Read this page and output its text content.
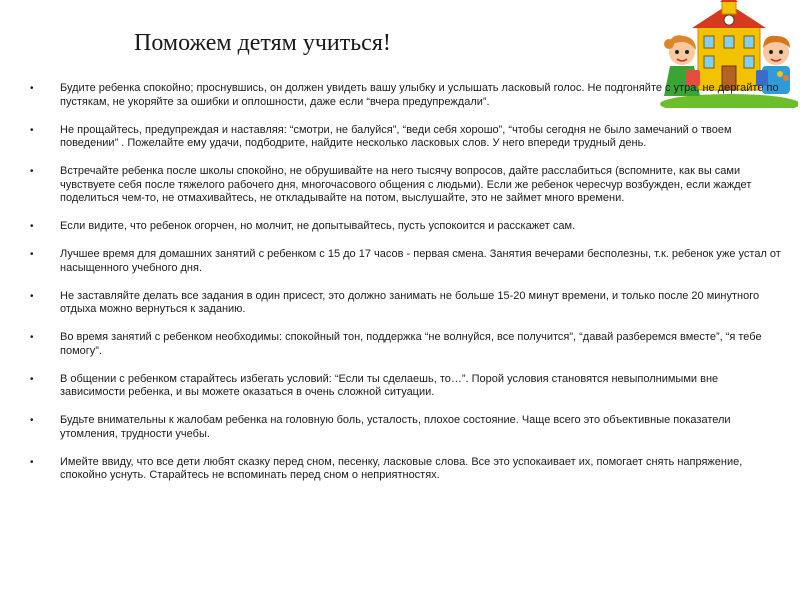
Поможем детям учиться!
• Будите ребенка спокойно; проснувшись, он должен увидеть вашу улыбку и услышать ласковый голос. Не подгоняйте с утра, не дергайте по пустякам, не укоряйте за ошибки и оплошности, даже если “вчера предупреждали”.
• Не прощайтесь, предупреждая и наставляя: “смотри, не балуйся”, “веди себя хорошо”, “чтобы сегодня не было замечаний о твоем поведении” . Пожелайте ему удачи, подбодрите, найдите несколько ласковых слов. У него впереди трудный день.
• Встречайте ребенка после школы спокойно, не обрушивайте на него тысячу вопросов, дайте расслабиться (вспомните, как вы сами чувствуете себя после тяжелого рабочего дня, многочасового общения с людьми). Если же ребенок чересчур возбужден, если жаждет поделиться чем-то, не отмахивайтесь, не откладывайте на потом, выслушайте, это не займет много времени.
• Если видите, что ребенок огорчен, но молчит, не допытывайтесь, пусть успокоится и расскажет сам.
• Лучшее время для домашних занятий с ребенком с 15 до 17 часов - первая смена. Занятия вечерами бесполезны, т.к. ребенок уже устал от насыщенного учебного дня.
• Не заставляйте делать все задания в один присест, это должно занимать не больше 15-20 минут времени, и только после 20 минутного отдыха можно вернуться к заданию.
• Во время занятий с ребенком необходимы: спокойный тон, поддержка “не волнуйся, все получится”, “давай разберемся вместе”, “я тебе помогу”.
• В общении с ребенком старайтесь избегать условий: “Если ты сделаешь, то…”. Порой условия становятся невыполнимыми вне зависимости ребенка, и вы можете оказаться в очень сложной ситуации.
• Будьте внимательны к жалобам ребенка на головную боль, усталость, плохое состояние. Чаще всего это объективные показатели утомления, трудности учебы.
• Имейте ввиду, что все дети любят сказку перед сном, песенку, ласковые слова. Все это успокаивает их, помогает снять напряжение, спокойно уснуть. Старайтесь не вспоминать перед сном о неприятностях.
